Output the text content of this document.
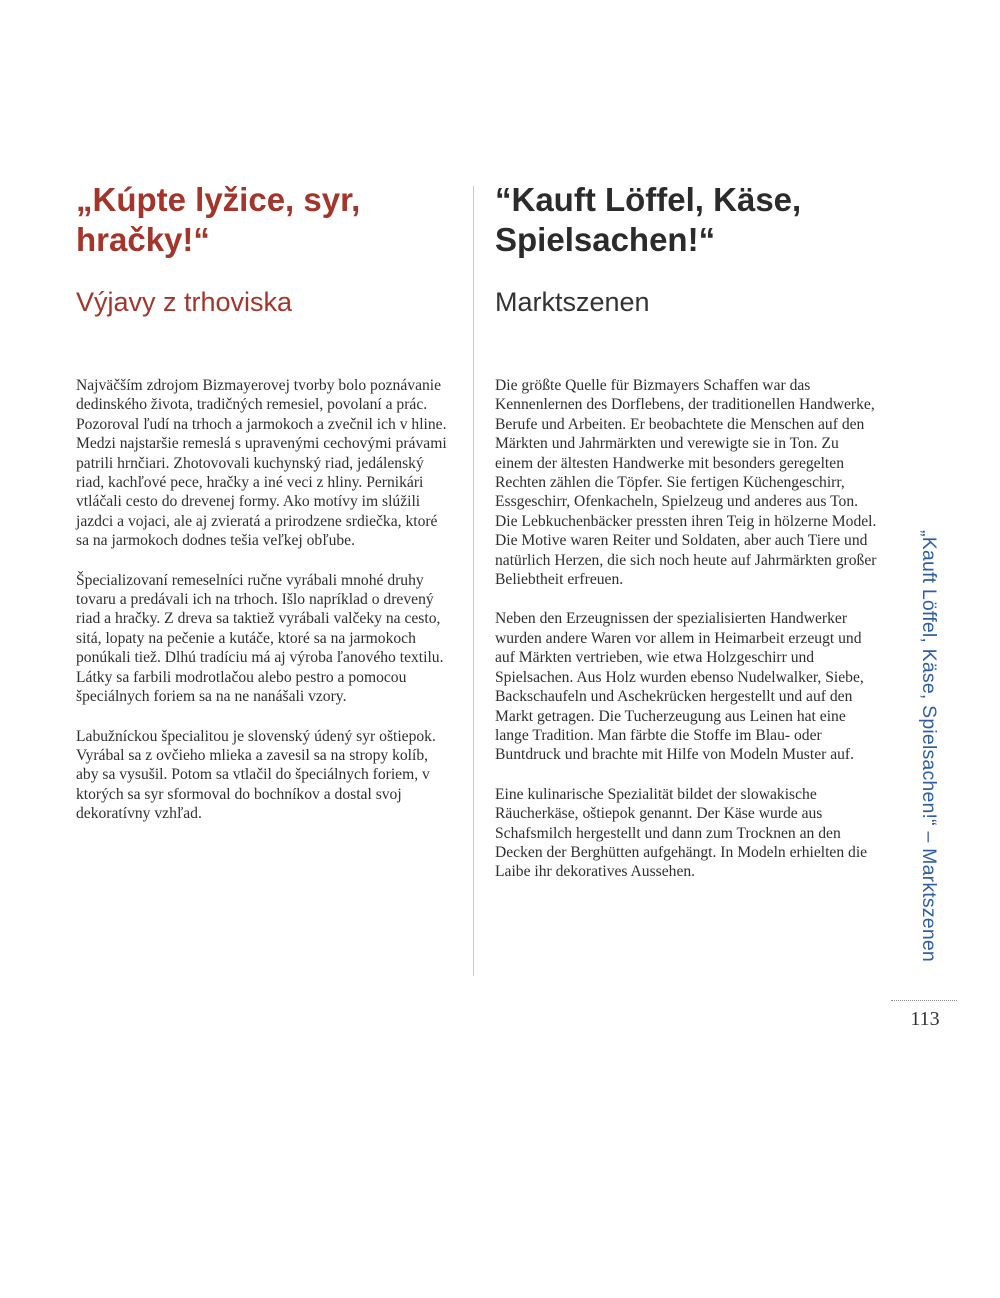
„Kúpte lyžice, syr,
hračky!“
Výjavy z trhoviska

Najväčším zdrojom Bizmayerovej tvorby bolo poznávanie dedinského života, tradičných remesiel, povolaní a prác. Pozoroval ľudí na trhoch a jarmokoch a zvečnil ich v hline. Medzi najstaršie remeslá s upravenými cechovými právami patrili hrnčiari. Zhotovovali kuchynský riad, jedálenský riad, kachľové pece, hračky a iné veci z hliny. Pernikári vtláčali cesto do drevenej formy. Ako motívy im slúžili jazdci a vojaci, ale aj zvieratá a prirodzene srdiečka, ktoré sa na jarmokoch dodnes tešia veľkej obľube.

Špecializovaní remeselníci ručne vyrábali mnohé druhy tovaru a predávali ich na trhoch. Išlo napríklad o drevený riad a hračky. Z dreva sa taktiež vyrábali valčeky na cesto, sitá, lopaty na pečenie a kutáče, ktoré sa na jarmokoch ponúkali tiež. Dlhú tradíciu má aj výroba ľanového textilu. Látky sa farbili modrotlačou alebo pestro a pomocou špeciálnych foriem sa na ne nanášali vzory.

Labužníckou špecialitou je slovenský údený syr oštiepok. Vyrábal sa z ovčieho mlieka a zavesil sa na stropy kolíb, aby sa vysušil. Potom sa vtlačil do špeciálnych foriem, v ktorých sa syr sformoval do bochníkov a dostal svoj dekoratívny vzhľad.

“Kauft Löffel, Käse,
Spielsachen!“
Marktszenen

Die größte Quelle für Bizmayers Schaffen war das Kennenlernen des Dorflebens, der traditionellen Handwerke, Berufe und Arbeiten. Er beobachtete die Menschen auf den Märkten und Jahrmärkten und verewigte sie in Ton. Zu einem der ältesten Handwerke mit besonders geregelten Rechten zählen die Töpfer. Sie fertigen Küchengeschirr, Essgeschirr, Ofenkacheln, Spielzeug und anderes aus Ton. Die Lebkuchenbäcker pressten ihren Teig in hölzerne Model. Die Motive waren Reiter und Soldaten, aber auch Tiere und natürlich Herzen, die sich noch heute auf Jahrmärkten großer Beliebtheit erfreuen.

Neben den Erzeugnissen der spezialisierten Handwerker wurden andere Waren vor allem in Heimarbeit erzeugt und auf Märkten vertrieben, wie etwa Holzgeschirr und Spielsachen. Aus Holz wurden ebenso Nudelwalker, Siebe, Backschaufeln und Aschekrücken hergestellt und auf den Markt getragen. Die Tucherzeugung aus Leinen hat eine lange Tradition. Man färbte die Stoffe im Blau- oder Buntdruck und brachte mit Hilfe von Modeln Muster auf.

Eine kulinarische Spezialität bildet der slowakische Räucherkäse, oštiepok genannt. Der Käse wurde aus Schafsmilch hergestellt und dann zum Trocknen an den Decken der Berghütten aufgehängt. In Modeln erhielten die Laibe ihr dekoratives Aussehen.	„Kauft Löffel, Käse, Spielsachen!“ – Marktszenen
113
